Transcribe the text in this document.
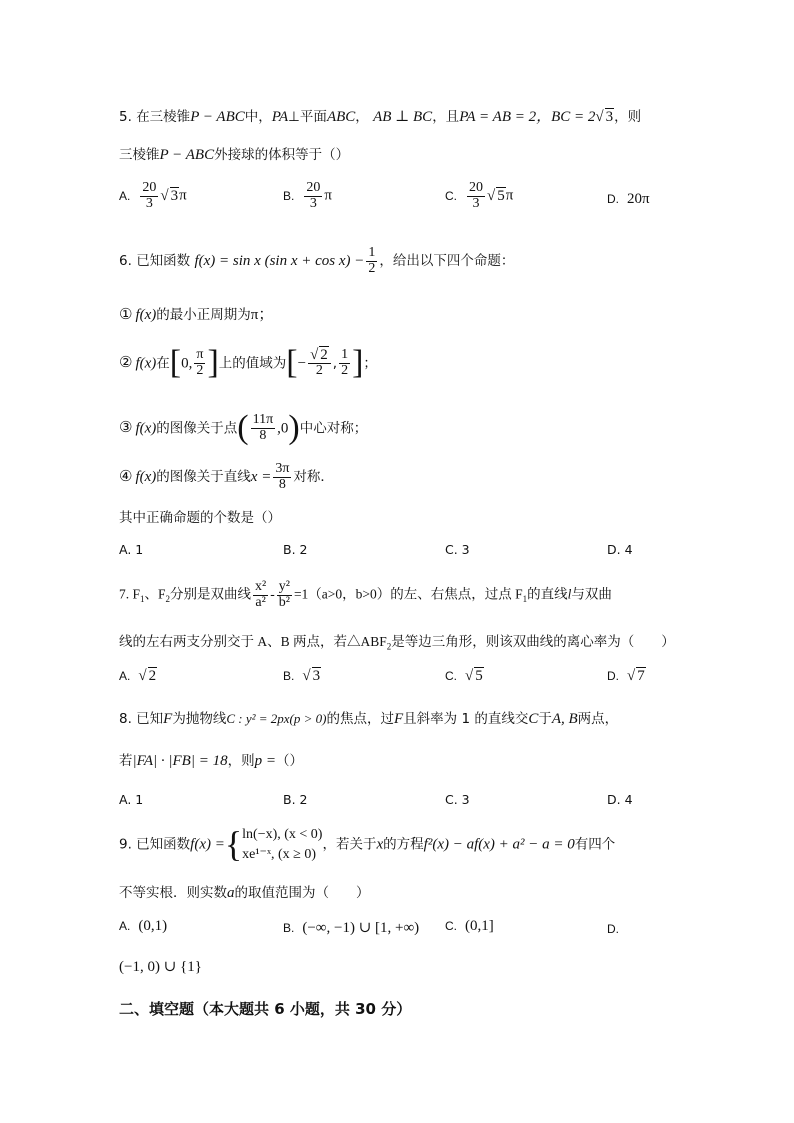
5. 在三棱锥P − ABC中，PA⊥平面ABC， AB ⊥ BC，且PA = AB = 2，BC = 2√ 3，则
三棱锥P − ABC外接球的体积等于（）
A. $\frac{20}{3}$ √ 3π	B. $\frac{20}{3}$ π	C. $\frac{20}{3}$ √ 5π	D. 20π
6. 已知函数 f(x) = sin x (sin $x + \cos x) - \frac{1}{2}$ ，给出以下四个命题：
① f(x)的最小正周期为π；
② f(x)在[0, $\frac{\pi}{2}$ ]上的值域为[− $\frac{√ 2}{2}$ , $\frac{1}{2}$ ]；
③ f(x)的图像关于点( $\frac{11\pi}{8} ,0$)中心对称；
④ f(x)的图像关于直线$x = \frac{3\pi}{8}$ 对称．
其中正确命题的个数是（）
A. 1	B. 2	C. 3	D. 4
7. $F_1$、$F_2$分别是双曲线 $\frac{\text{x²}}{\text{a²}} - \frac{\text{y²}}{\text{b²}} =1(a>0$，b>0）的左、右焦点，过点 $F_1$的直线l与双曲
线的左右两支分别交于 A、B 两点，若$\triangle ABF_2$是等边三角形，则该双曲线的离心率为（　　）
A. √ 2	B. √ 3	C. √ 5	D. √ 7
8. 已知F为抛物线C : y² = 2px(p > 0)的焦点，过F且斜率为 1 的直线交C于A, B两点，
若|FA| · |FB| = 18，则p =（）
A. 1	B. 2	C. 3	D. 4
9. 已知函数f(x) ={ ln(−x), (x < 0)
xe¹⁻ˣ, (x ≥ 0)
，若关于x的方程f²(x) − af(x) + a² − a = 0有四个
不等实根．则实数a的取值范围为（　　）
A. (0,1)	B. (−∞, −1) ∪ [1, +∞) C. (0,1]	D.
(−1, 0) ∪ {1}
二、填空题（本大题共 6 小题，共 30 分）
